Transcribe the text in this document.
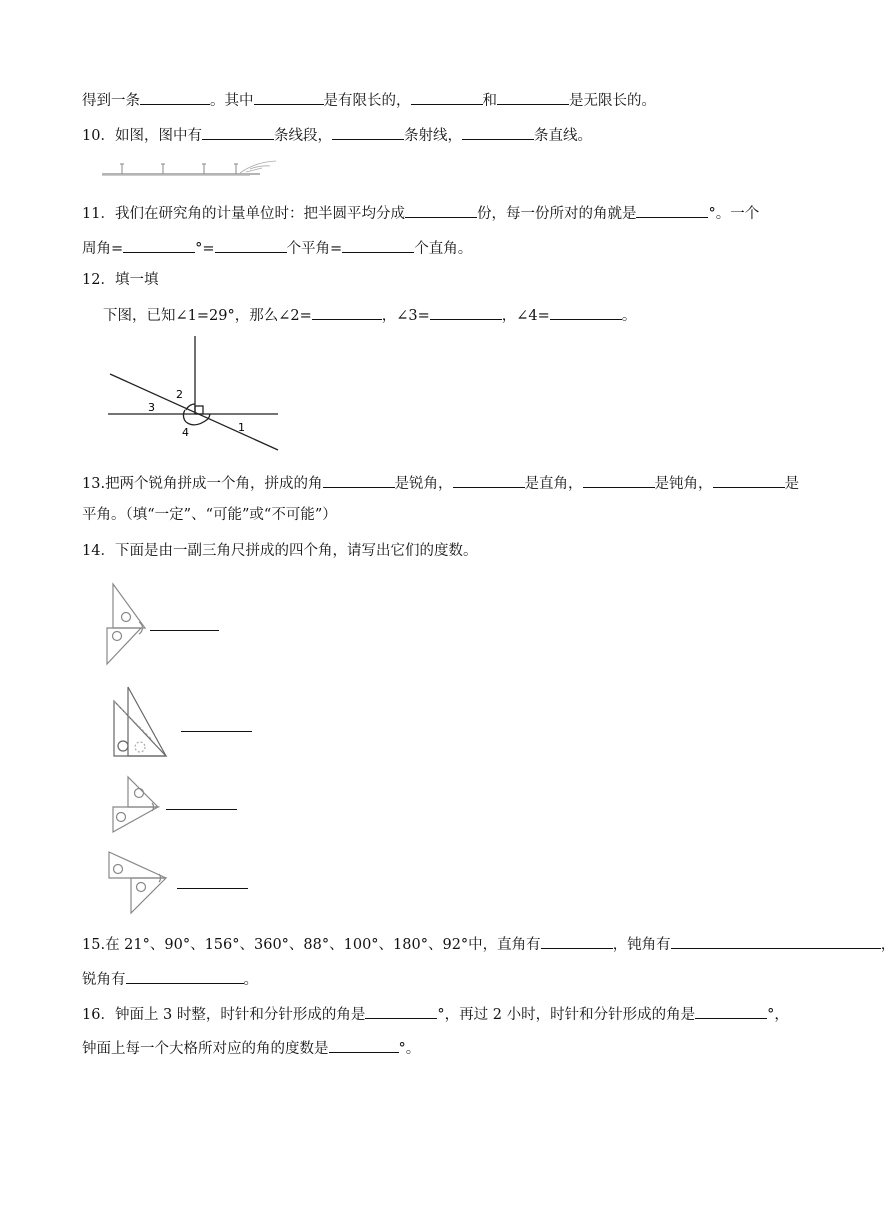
得到一条	。其中	是有限长的，	和	是无限长的。
10．如图，图中有	条线段，	条射线，	条直线。
11．我们在研究角的计量单位时：把半圆平均分成	份，每一份所对的角就是	°。一个
周角=	°=	个平角=	个直角。
12．填一填
下图，已知∠1=29°，那么∠2=	，∠3=	，∠4=	。
2
3
4	1
13.把两个锐角拼成一个角，拼成的角	是锐角，	是直角，	是钝角，	是
平角。（填“一定”、“可能”或“不可能”）
14．下面是由一副三角尺拼成的四个角，请写出它们的度数。
15.在 21°、90°、156°、360°、88°、100°、180°、92°中，直角有	，钝角有	，
锐角有	。
16．钟面上 3 时整，时针和分针形成的角是	°，再过 2 小时，时针和分针形成的角是	°，
钟面上每一个大格所对应的角的度数是	°。
